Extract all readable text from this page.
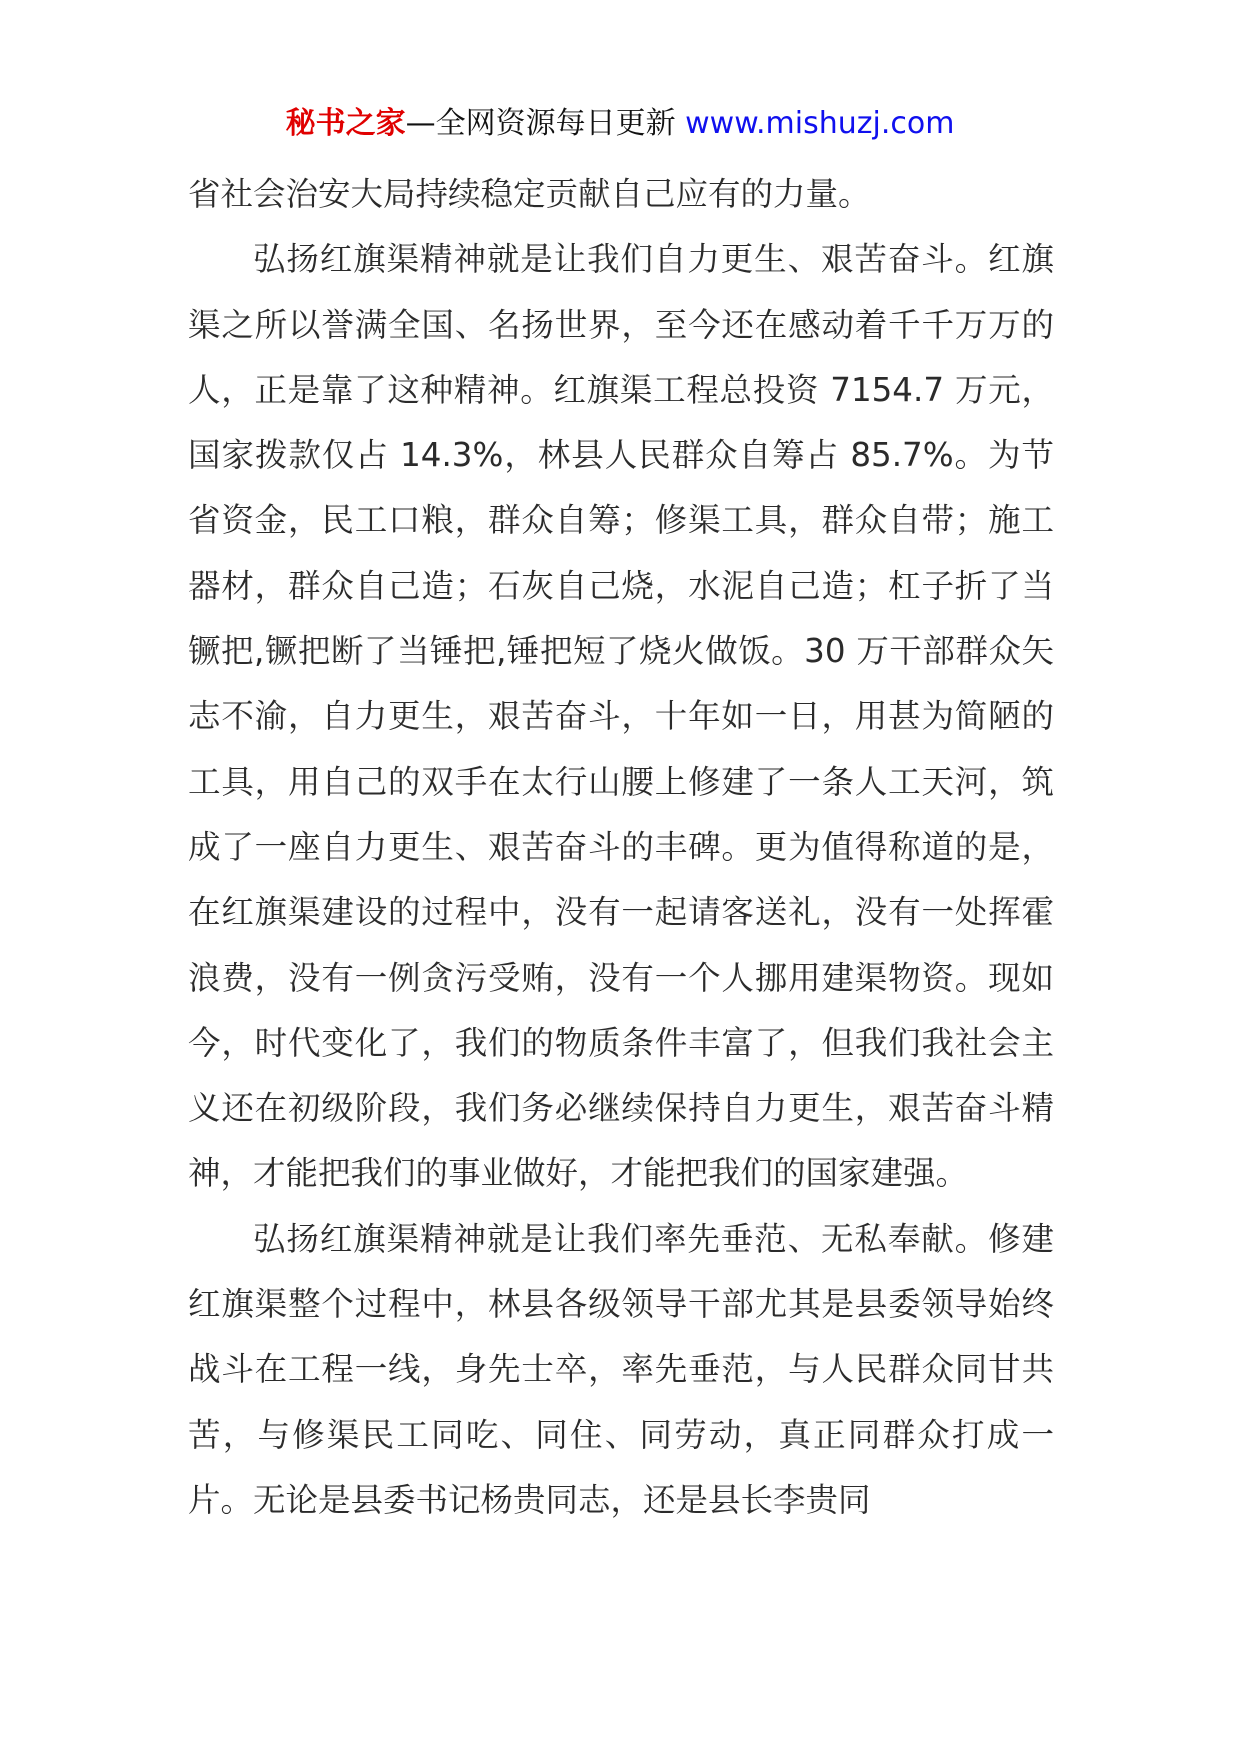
秘书之家—全网资源每日更新 www.mishuzj.com

省社会治安大局持续稳定贡献自己应有的力量。

弘扬红旗渠精神就是让我们自力更生、艰苦奋斗。红旗渠之所以誉满全国、名扬世界，至今还在感动着千千万万的人，正是靠了这种精神。红旗渠工程总投资 7154.7 万元，国家拨款仅占 14.3%，林县人民群众自筹占 85.7%。为节省资金，民工口粮，群众自筹；修渠工具，群众自带；施工器材，群众自己造；石灰自己烧，水泥自己造；杠子折了当镢把,镢把断了当锤把,锤把短了烧火做饭。30 万干部群众矢志不渝，自力更生，艰苦奋斗，十年如一日，用甚为简陋的工具，用自己的双手在太行山腰上修建了一条人工天河，筑成了一座自力更生、艰苦奋斗的丰碑。更为值得称道的是，在红旗渠建设的过程中，没有一起请客送礼，没有一处挥霍浪费，没有一例贪污受贿，没有一个人挪用建渠物资。现如今，时代变化了，我们的物质条件丰富了，但我们我社会主义还在初级阶段，我们务必继续保持自力更生，艰苦奋斗精神，才能把我们的事业做好，才能把我们的国家建强。

弘扬红旗渠精神就是让我们率先垂范、无私奉献。修建红旗渠整个过程中，林县各级领导干部尤其是县委领导始终战斗在工程一线，身先士卒，率先垂范，与人民群众同甘共苦，与修渠民工同吃、同住、同劳动，真正同群众打成一片。无论是县委书记杨贵同志，还是县长李贵同
